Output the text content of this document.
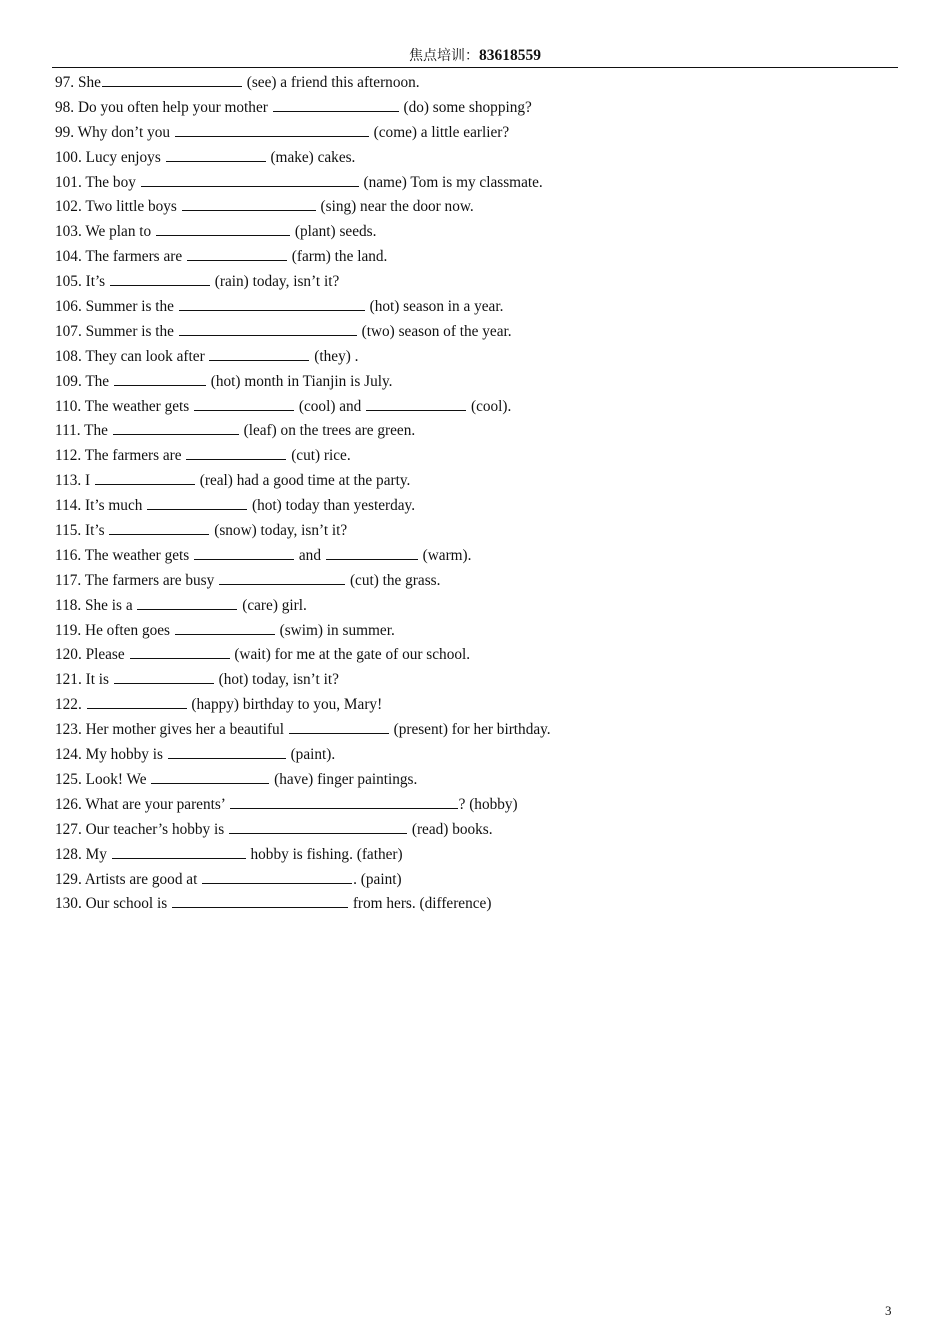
焦点培训：83618559
97. She	(see) a friend this afternoon.
98. Do you often help your mother	(do) some shopping?
99. Why don’t you	(come) a little earlier?
100. Lucy enjoys	(make) cakes.
101. The boy	(name) Tom is my classmate.
102. Two little boys	(sing) near the door now.
103. We plan to	(plant) seeds.
104. The farmers are	(farm) the land.
105. It’s	(rain) today, isn’t it?
106. Summer is the	(hot) season in a year.
107. Summer is the	(two) season of the year.
108. They can look after	(they) .
109. The	(hot) month in Tianjin is July.
110. The weather gets	(cool) and	(cool).
111. The	(leaf) on the trees are green.
112. The farmers are	(cut) rice.
113. I	(real) had a good time at the party.
114. It’s much	(hot) today than yesterday.
115. It’s	(snow) today, isn’t it?
116. The weather gets	and	(warm).
117. The farmers are busy	(cut) the grass.
118. She is a	(care) girl.
119. He often goes	(swim) in summer.
120. Please	(wait) for me at the gate of our school.
121. It is	(hot) today, isn’t it?
122.	(happy) birthday to you, Mary!
123. Her mother gives her a beautiful	(present) for her birthday.
124. My hobby is	(paint).
125. Look! We	(have) finger paintings.
126. What are your parents’	? (hobby)
127. Our teacher’s hobby is	(read) books.
128. My	hobby is fishing. (father)
129. Artists are good at	. (paint)
130. Our school is	from hers. (difference)
3
